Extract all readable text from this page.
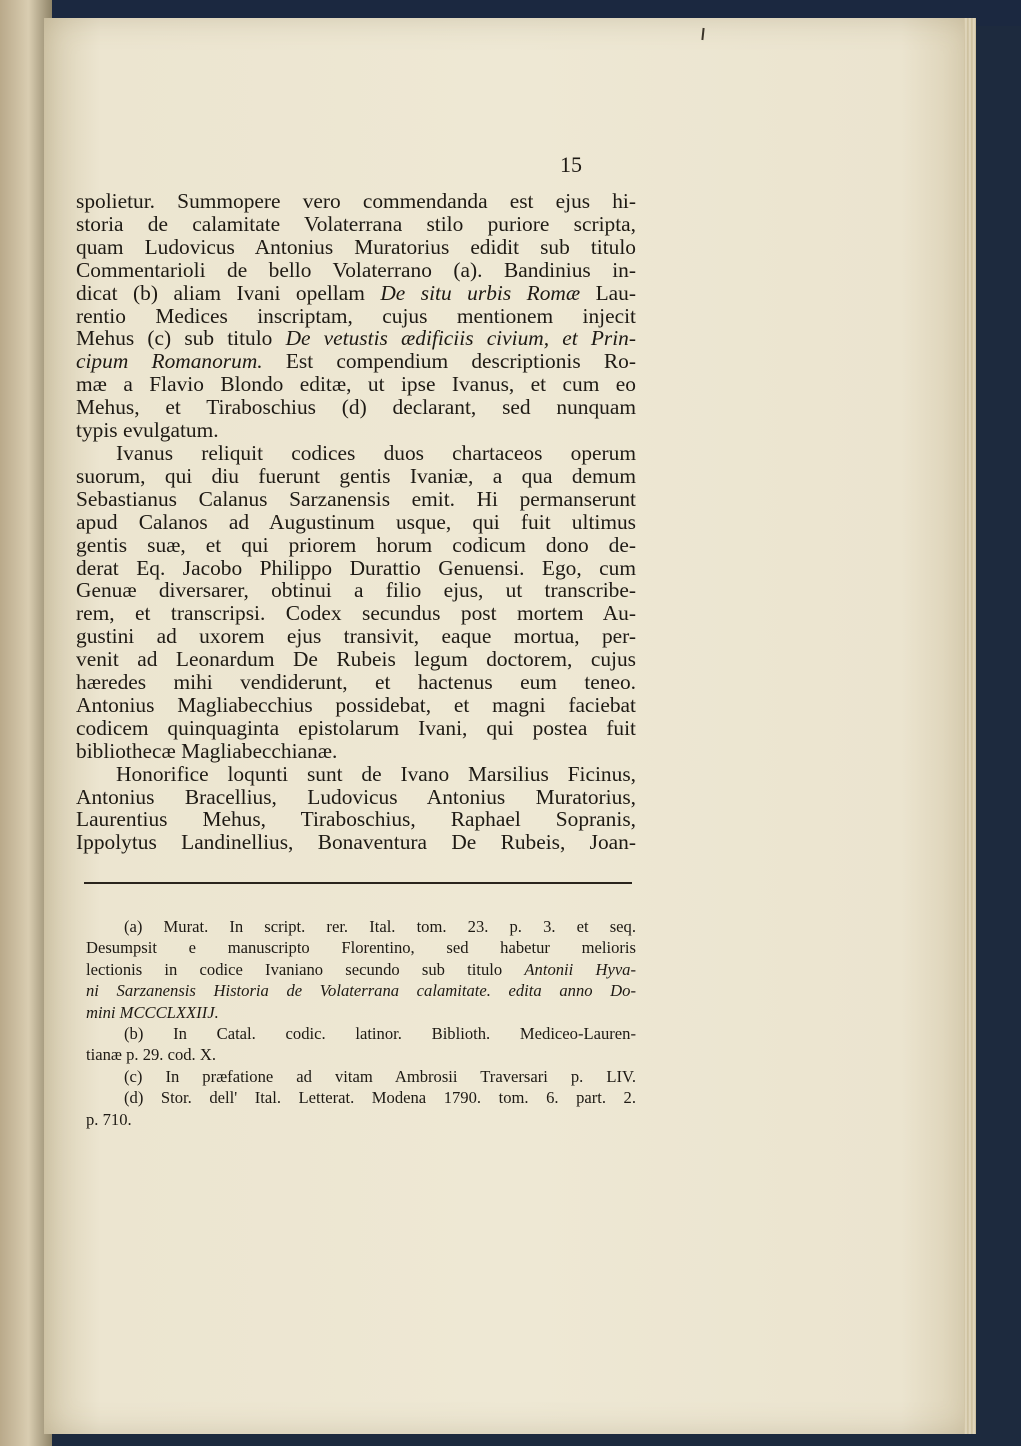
15
spolietur. Summopere vero commendanda est ejus hi-
storia de calamitate Volaterrana stilo puriore scripta,
quam Ludovicus Antonius Muratorius edidit sub titulo
Commentarioli de bello Volaterrano (a). Bandinius in-
dicat (b) aliam Ivani opellam De situ urbis Romæ Lau-
rentio Medices inscriptam, cujus mentionem injecit
Mehus (c) sub titulo De vetustis ædificiis civium, et Prin-
cipum Romanorum. Est compendium descriptionis Ro-
mæ a Flavio Blondo editæ, ut ipse Ivanus, et cum eo
Mehus, et Tiraboschius (d) declarant, sed nunquam
typis evulgatum.
Ivanus reliquit codices duos chartaceos operum
suorum, qui diu fuerunt gentis Ivaniæ, a qua demum
Sebastianus Calanus Sarzanensis emit. Hi permanserunt
apud Calanos ad Augustinum usque, qui fuit ultimus
gentis suæ, et qui priorem horum codicum dono de-
derat Eq. Jacobo Philippo Durattio Genuensi. Ego, cum
Genuæ diversarer, obtinui a filio ejus, ut transcribe-
rem, et transcripsi. Codex secundus post mortem Au-
gustini ad uxorem ejus transivit, eaque mortua, per-
venit ad Leonardum De Rubeis legum doctorem, cujus
hæredes mihi vendiderunt, et hactenus eum teneo.
Antonius Magliabecchius possidebat, et magni faciebat
codicem quinquaginta epistolarum Ivani, qui postea fuit
bibliothecæ Magliabecchianæ.
Honorifice loqunti sunt de Ivano Marsilius Ficinus,
Antonius Bracellius, Ludovicus Antonius Muratorius,
Laurentius Mehus, Tiraboschius, Raphael Sopranis,
Ippolytus Landinellius, Bonaventura De Rubeis, Joan-
(a) Murat. In script. rer. Ital. tom. 23. p. 3. et seq.
Desumpsit e manuscripto Florentino, sed habetur melioris
lectionis in codice Ivaniano secundo sub titulo Antonii Hyva-
ni Sarzanensis Historia de Volaterrana calamitate. edita anno Do-
mini MCCCLXXIIJ.
(b) In Catal. codic. latinor. Biblioth. Mediceo-Lauren-
tianæ p. 29. cod. X.
(c) In præfatione ad vitam Ambrosii Traversari p. LIV.
(d) Stor. dell' Ital. Letterat. Modena 1790. tom. 6. part. 2.
p. 710.
